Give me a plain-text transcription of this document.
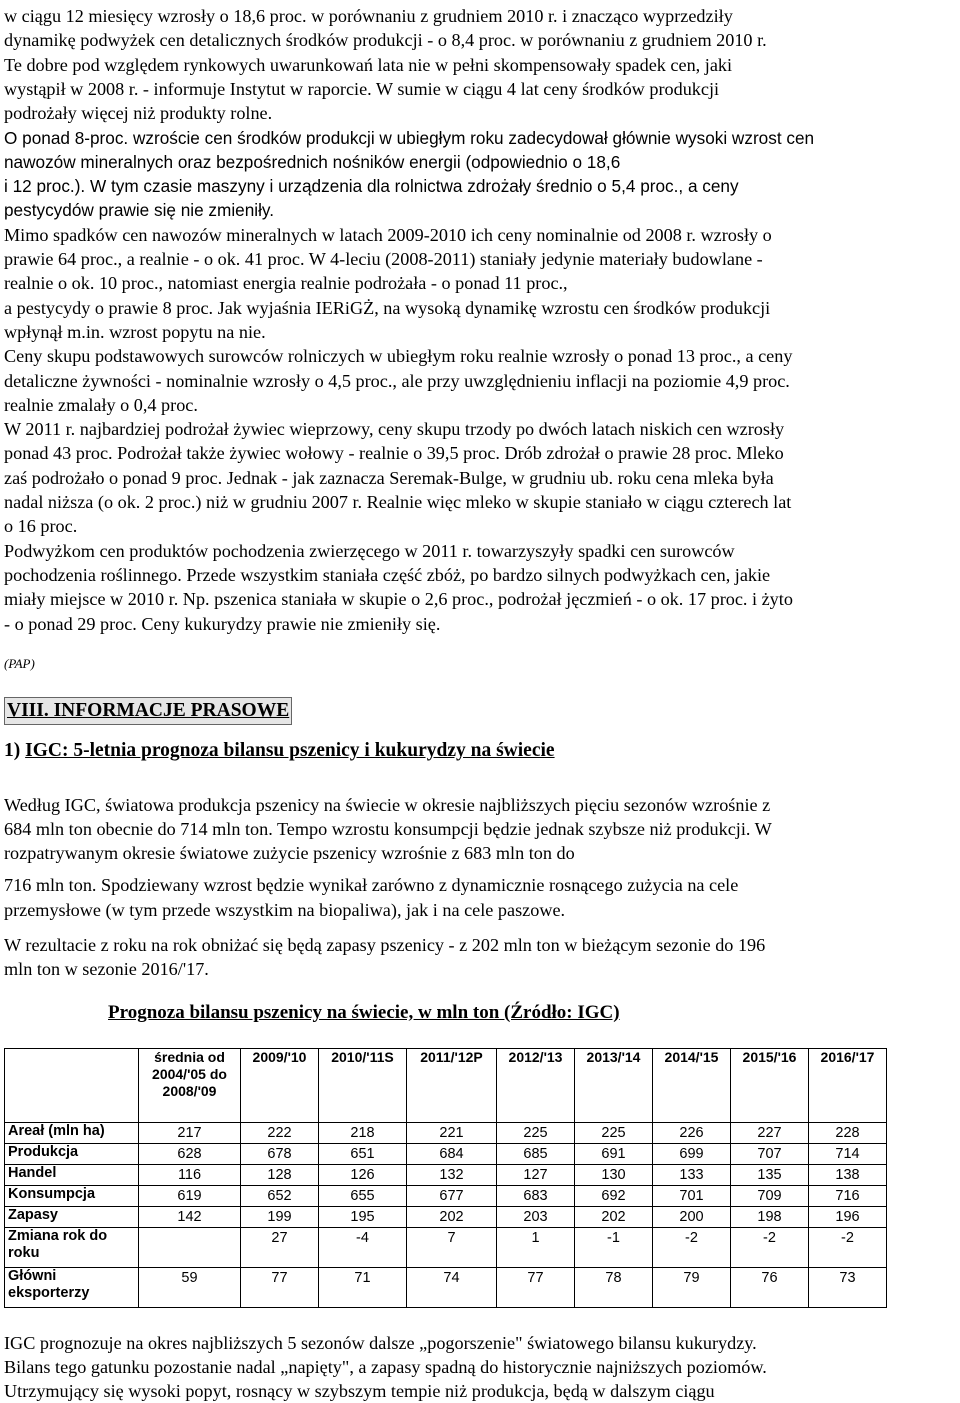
w ciągu 12 miesięcy wzrosły o 18,6 proc. w porównaniu z grudniem 2010 r. i znacząco wyprzedziły
dynamikę podwyżek cen detalicznych środków produkcji - o 8,4 proc. w porównaniu z grudniem 2010 r.
Te dobre pod względem rynkowych uwarunkowań lata nie w pełni skompensowały spadek cen, jaki
wystąpił w 2008 r. - informuje Instytut w raporcie. W sumie w ciągu 4 lat ceny środków produkcji
podrożały więcej niż produkty rolne.
O ponad 8-proc. wzroście cen środków produkcji w ubiegłym roku zadecydował głównie wysoki wzrost cen
nawozów mineralnych oraz bezpośrednich nośników energii (odpowiednio o 18,6
i 12 proc.). W tym czasie maszyny i urządzenia dla rolnictwa zdrożały średnio o 5,4 proc., a ceny
pestycydów prawie się nie zmieniły.
Mimo spadków cen nawozów mineralnych w latach 2009-2010 ich ceny nominalnie od 2008 r. wzrosły o
prawie 64 proc., a realnie - o ok. 41 proc. W 4-leciu (2008-2011) staniały jedynie materiały budowlane -
realnie o ok. 10 proc., natomiast energia realnie podrożała - o ponad 11 proc.,
a pestycydy o prawie 8 proc. Jak wyjaśnia IERiGŻ, na wysoką dynamikę wzrostu cen środków produkcji
wpłynął m.in. wzrost popytu na nie.
Ceny skupu podstawowych surowców rolniczych w ubiegłym roku realnie wzrosły o ponad 13 proc., a ceny
detaliczne żywności - nominalnie wzrosły o 4,5 proc., ale przy uwzględnieniu inflacji na poziomie 4,9 proc.
realnie zmalały o 0,4 proc.
W 2011 r. najbardziej podrożał żywiec wieprzowy, ceny skupu trzody po dwóch latach niskich cen wzrosły
ponad 43 proc. Podrożał także żywiec wołowy - realnie o 39,5 proc. Drób zdrożał o prawie 28 proc. Mleko
zaś podrożało o ponad 9 proc. Jednak - jak zaznacza Seremak-Bulge, w grudniu ub. roku cena mleka była
nadal niższa (o ok. 2 proc.) niż w grudniu 2007 r. Realnie więc mleko w skupie staniało w ciągu czterech lat
o 16 proc.
Podwyżkom cen produktów pochodzenia zwierzęcego w 2011 r. towarzyszyły spadki cen surowców
pochodzenia roślinnego. Przede wszystkim staniała część zbóż, po bardzo silnych podwyżkach cen, jakie
miały miejsce w 2010 r. Np. pszenica staniała w skupie o 2,6 proc., podrożał jęczmień - o ok. 17 proc. i żyto
- o ponad 29 proc. Ceny kukurydzy prawie nie zmieniły się.
(PAP)
VIII. INFORMACJE PRASOWE
1) IGC: 5-letnia prognoza bilansu pszenicy i kukurydzy na świecie
Według IGC, światowa produkcja pszenicy na świecie w okresie najbliższych pięciu sezonów wzrośnie z
684 mln ton obecnie do 714 mln ton. Tempo wzrostu konsumpcji będzie jednak szybsze niż produkcji. W
rozpatrywanym okresie światowe zużycie pszenicy wzrośnie z 683 mln ton do
716 mln ton. Spodziewany wzrost będzie wynikał zarówno z dynamicznie rosnącego zużycia na cele
przemysłowe (w tym przede wszystkim na biopaliwa), jak i na cele paszowe.
W rezultacie z roku na rok obniżać się będą zapasy pszenicy - z 202 mln ton w bieżącym sezonie do 196
mln ton w sezonie 2016/'17.
Prognoza bilansu pszenicy na świecie, w mln ton (Źródło: IGC)
	średnia od 2004/'05 do 2008/'09	2009/'10	2010/'11S	2011/'12P	2012/'13	2013/'14	2014/'15	2015/'16	2016/'17
Areał (mln ha)	217	222	218	221	225	225	226	227	228
Produkcja	628	678	651	684	685	691	699	707	714
Handel	116	128	126	132	127	130	133	135	138
Konsumpcja	619	652	655	677	683	692	701	709	716
Zapasy	142	199	195	202	203	202	200	198	196
Zmiana rok do roku		27	-4	7	1	-1	-2	-2	-2
Główni eksporterzy	59	77	71	74	77	78	79	76	73
IGC prognozuje na okres najbliższych 5 sezonów dalsze „pogorszenie" światowego bilansu kukurydzy.
Bilans tego gatunku pozostanie nadal „napięty", a zapasy spadną do historycznie najniższych poziomów.
Utrzymujący się wysoki popyt, rosnący w szybszym tempie niż produkcja, będą w dalszym ciągu
